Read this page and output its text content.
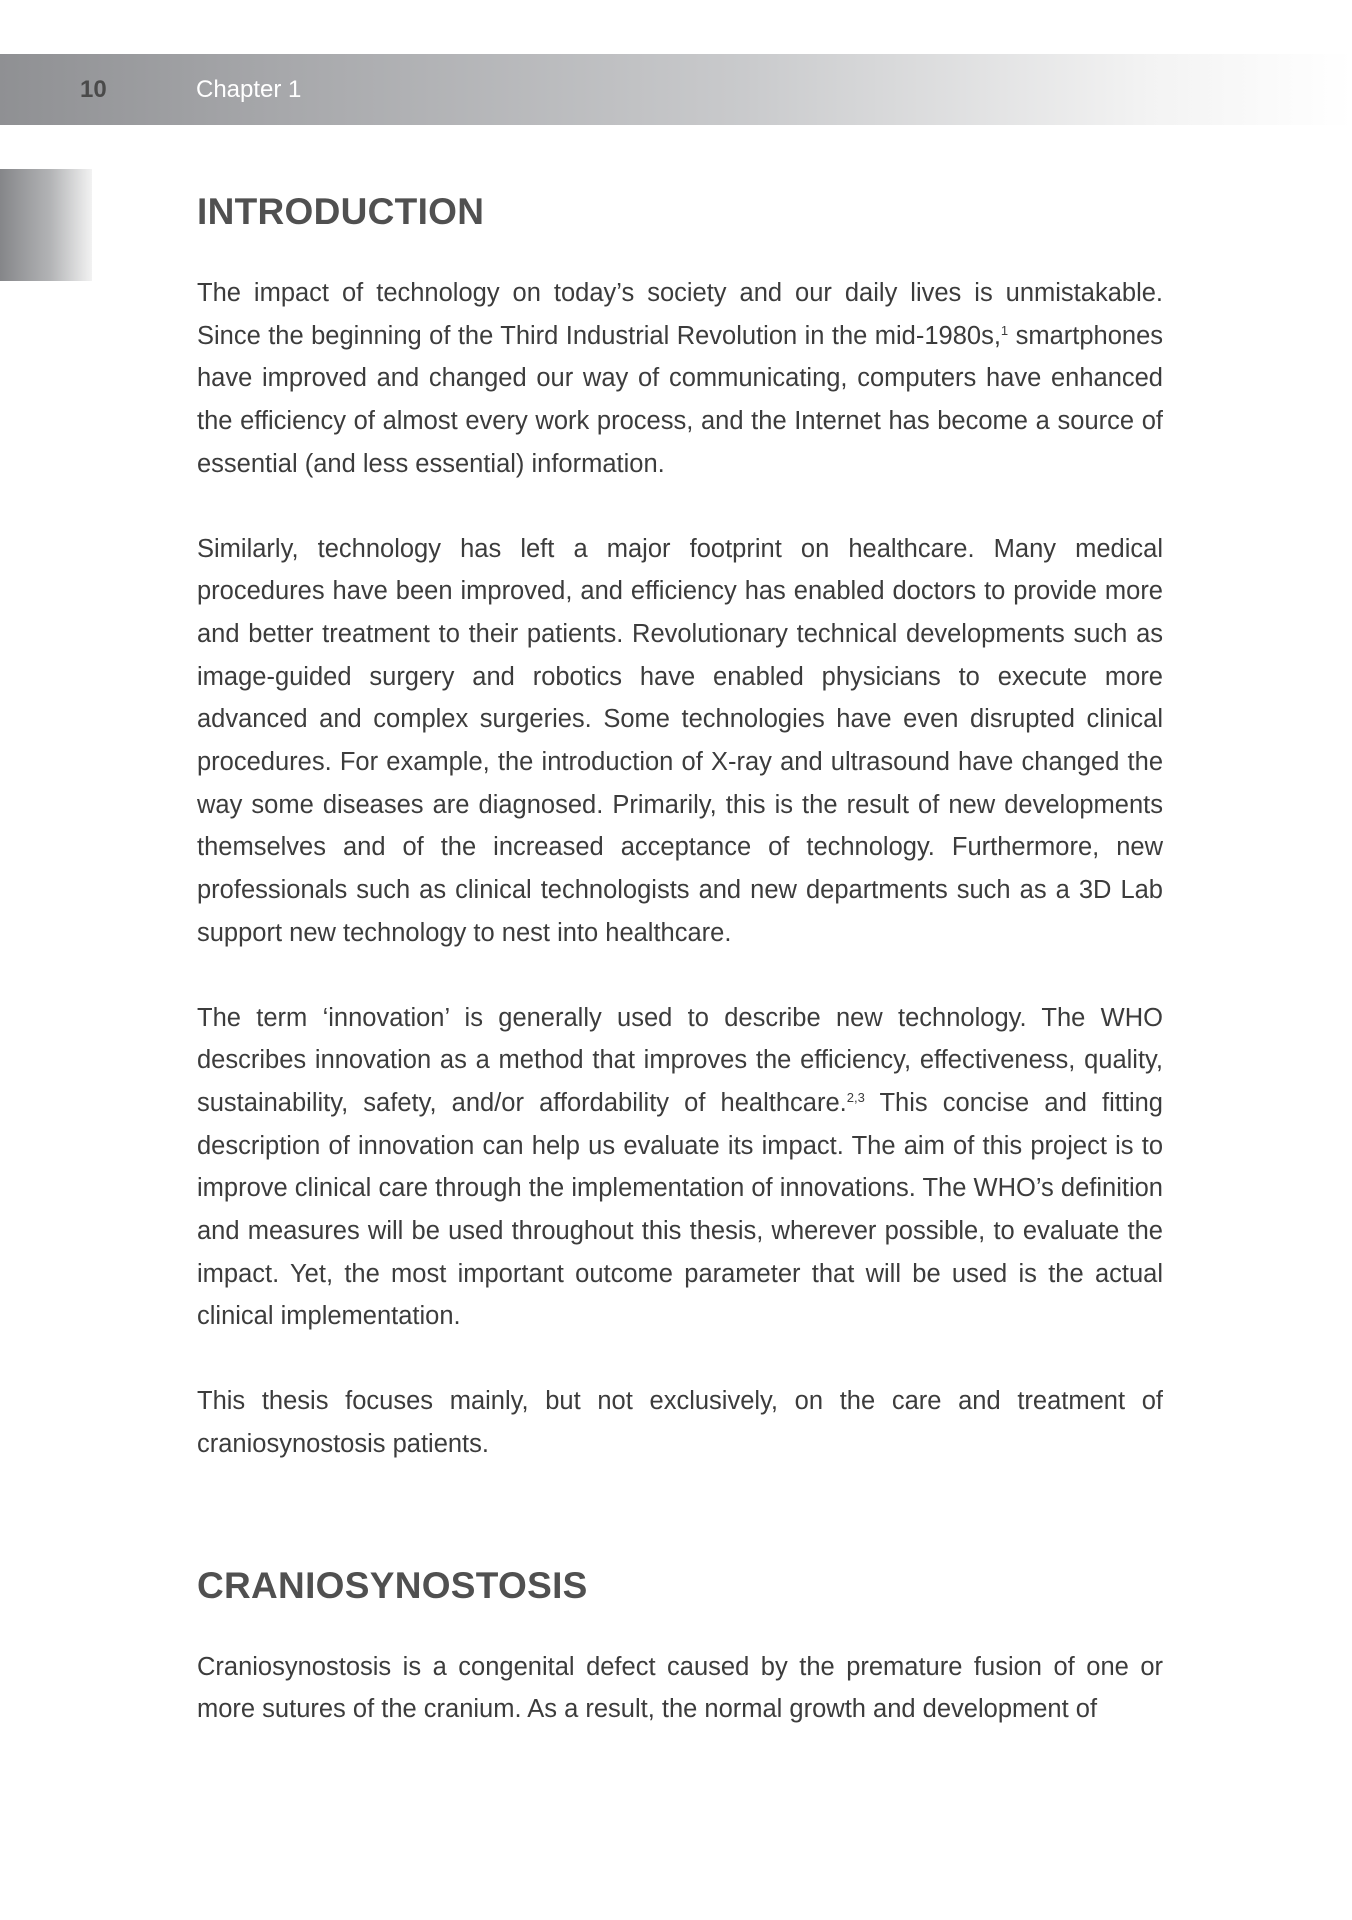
10	Chapter 1
INTRODUCTION

The impact of technology on today’s society and our daily lives is unmistakable. Since the beginning of the Third Industrial Revolution in the mid-1980s,$^1$ smartphones have improved and changed our way of communicating, computers have enhanced the efficiency of almost every work process, and the Internet has become a source of essential (and less essential) information.

Similarly, technology has left a major footprint on healthcare. Many medical procedures have been improved, and efficiency has enabled doctors to provide more and better treatment to their patients. Revolutionary technical developments such as image-guided surgery and robotics have enabled physicians to execute more advanced and complex surgeries. Some technologies have even disrupted clinical procedures. For example, the introduction of X-ray and ultrasound have changed the way some diseases are diagnosed. Primarily, this is the result of new developments themselves and of the increased acceptance of technology. Furthermore, new professionals such as clinical technologists and new departments such as a 3D Lab support new technology to nest into healthcare.

The term ‘innovation’ is generally used to describe new technology. The WHO describes innovation as a method that improves the efficiency, effectiveness, quality, sustainability, safety, and/or affordability of healthcare.$^{2,3}$ This concise and fitting description of innovation can help us evaluate its impact. The aim of this project is to improve clinical care through the implementation of innovations. The WHO’s definition and measures will be used throughout this thesis, wherever possible, to evaluate the impact. Yet, the most important outcome parameter that will be used is the actual clinical implementation.

This thesis focuses mainly, but not exclusively, on the care and treatment of craniosynostosis patients.

CRANIOSYNOSTOSIS

Craniosynostosis is a congenital defect caused by the premature fusion of one or more sutures of the cranium. As a result, the normal growth and development of
